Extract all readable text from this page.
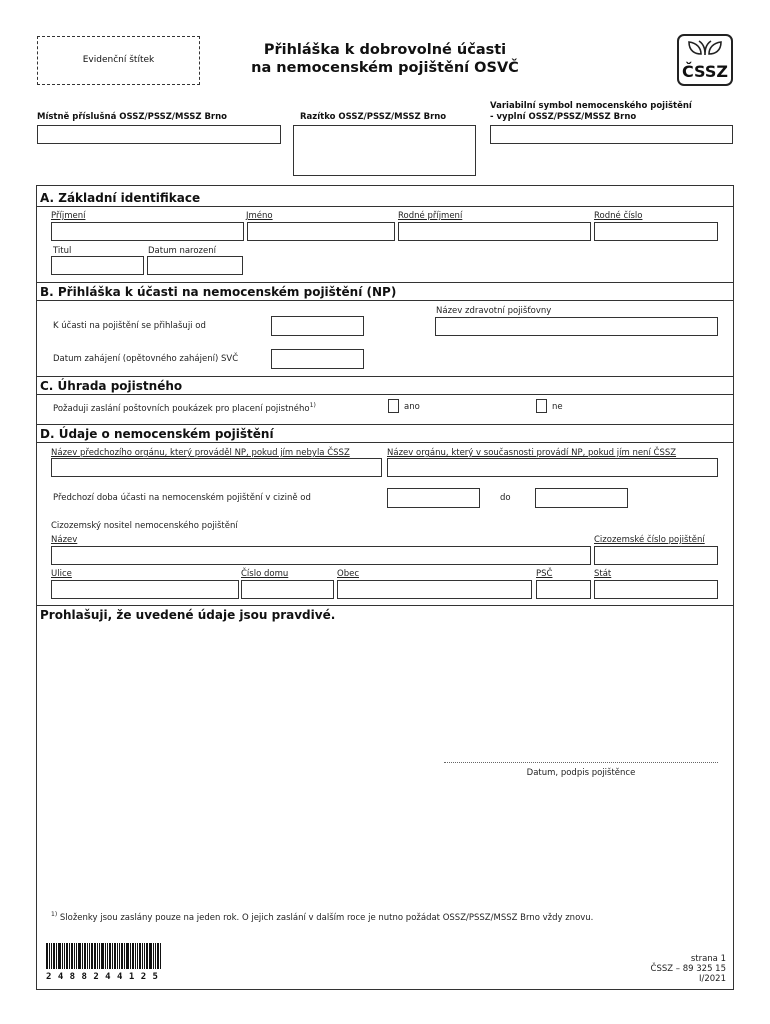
Evidenční štítek
Přihláška k dobrovolné účasti
na nemocenském pojištění OSVČ	ČSSZ
Místně příslušná OSSZ/PSSZ/MSSZ Brno	Razítko OSSZ/PSSZ/MSSZ Brno
Variabilní symbol nemocenského pojištění
- vyplní OSSZ/PSSZ/MSSZ Brno
A. Základní identifikace
Příjmení	Jméno	Rodné příjmení	Rodné číslo
Titul	Datum narození
B. Přihláška k účasti na nemocenském pojištění (NP)
Název zdravotní pojišťovny
K účasti na pojištění se přihlašuji od
Datum zahájení (opětovného zahájení) SVČ
C. Úhrada pojistného
Požaduji zaslání poštovních poukázek pro placení pojistného$^{1)}$	ano	ne
D. Údaje o nemocenském pojištění
Název předchozího orgánu, který prováděl NP, pokud jím nebyla ČSSZ	Název orgánu, který v současnosti provádí NP, pokud jím není ČSSZ
Předchozí doba účasti na nemocenském pojištění v cizině od	do
Cizozemský nositel nemocenského pojištění
Název	Cizozemské číslo pojištění
Ulice	Číslo domu	Obec	PSČ	Stát
Prohlašuji, že uvedené údaje jsou pravdivé.
Datum, podpis pojištěnce
$^{1)}$ Složenky jsou zaslány pouze na jeden rok. O jejich zaslání v dalším roce je nutno požádat OSSZ/PSSZ/MSSZ Brno vždy znovu.
2 4 8 8 2 4 4 1 2 5
strana 1
ČSSZ – 89 325 15
I/2021
